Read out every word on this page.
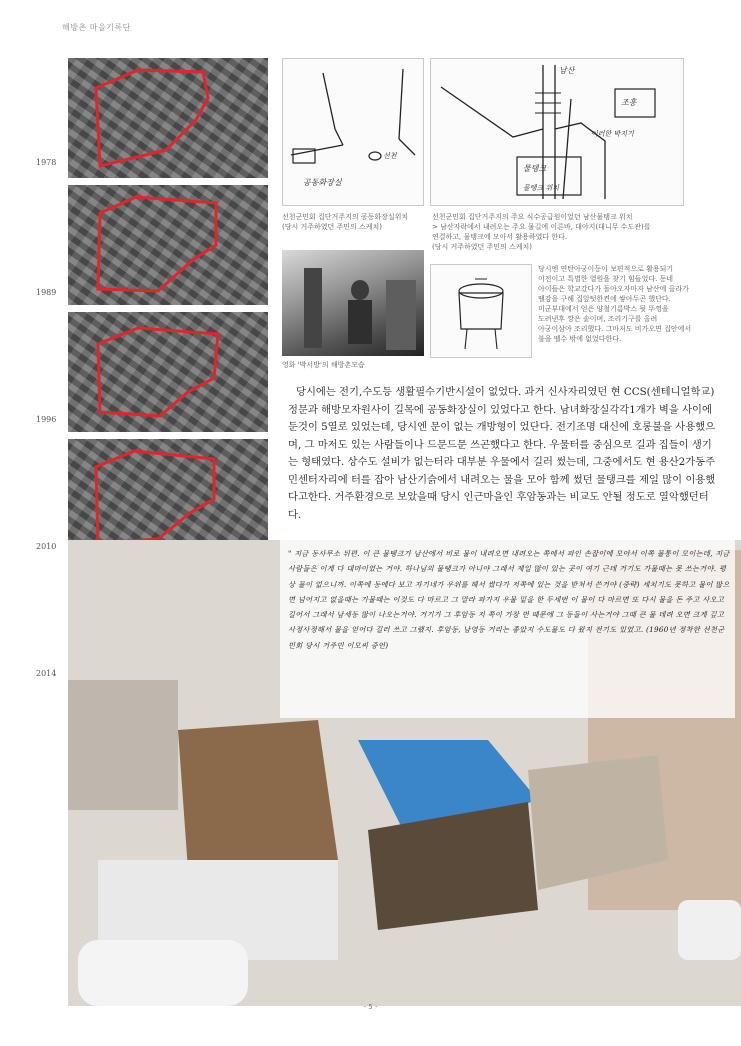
해방촌 마을기록단
1978
1989
1996
2010
2014
공동화장실
선천
선천군민회 집단거주지의 공동화장실위치
(당시 거주하였던 주민의 스케치)
남산
조흥
이러한 박지기
물탱크
물탱크 위치
선천군민회 집단거주지의 주요 식수공급원이었던 남산물탱크 위치
> 남산자락에서 내려오는 주요 물길에 이른바, 대야지(대니무 수도관)를
연결하고, 물탱크에 모아서 활용하였다 한다.
(당시 거주하였던 주민의 스케치)
영화 '박서방'의 해방촌모습
당시엔 연탄아궁이등이 보편적으로 활용되기
이전이고 특별한 열원을 찾기 힘들었다. 동네
아이들은 학교갔다가 돌아오자마자 남산에 올라가
땔감을 구해 집앞텃한켠에 쌓아두곤 했단다.
미군부대에서 얻은 양철기름박스 뒷 뚜껑을
도려낸후 깡은 솥이며, 조리기구를 올려
아궁이삼아 조리했다. 그마저도 비가오면 집안에서
불을 뗄수 밖에 없었다한다.
당시에는 전기,수도등 생활필수기반시설이 없었다. 과거 신사자리였던 현 CCS(센테니얼학교)정문과 해방모자원사이 길목에 공동화장실이 있었다고 한다. 남녀화장실각각1개가 벽을 사이에 둔것이 5열로 있었는데, 당시엔 문이 없는 개방형이 었단다. 전기조명 대신에 호롱불을 사용했으며, 그 마저도 있는 사람들이나 드문드문 쓰곤했다고 한다. 우물터를 중심으로 길과 집들이 생기는 형태였다. 상수도 설비가 없는터라 대부분 우물에서 길러 썼는데, 그중에서도 현 용산2가동주민센터자리에 터를 잡아 남산기슭에서 내려오는 물을 모아 함께 썼던 물탱크를 제일 많이 이용했다고한다. 거주환경으로 보았을때 당시 인근마을인 후암동과는 비교도 안될 정도로 열악했던터다.
" 지금 동사무소 뒤편. 이 큰 물탱크가 남산에서 비로 물이 내려오면 내려오는 쪽에서 파인 손잡이에 모아서 이쪽 물통이 모이는데, 지금 사람들은 이게 다 대마이었는 거야. 하나님의 물탱크가 아니야 그래서 제일 많이 있는 곳이 여기 근데 거기도 가물때는 못 쓰는거야. 평상 물이 없으니까. 이쪽에 동에다 보고 자기네가 우위를 해서 썼다가 저쪽에 있는 것을 받쳐서 쓴거야 (중략) 세치기도 못하고 물이 많으면 넘어지고 없을때는 가물때는 이것도 다 마르고 그 말라 파가지 우물 밑을 한 두세번 이 물이 다 마르면 또 다시 물을 돈 주고 사오고 길어서 그래서 남세동 많이 나오는거야. 거기가 그 후암동 저 쪽이 가장 먼 때문에 그 동들이 사는거야 그때 큰 물 데려 오면 크게 깊고 사정사정해서 물을 얻어다 길러 쓰고 그랬지. 후암동, 남영동 거리는 좋았지 수도물도 다 왔지 전기도 있었고. (1960년 정착한 선천군민회 당시 거주민 이모씨 증언)
- 5 -
